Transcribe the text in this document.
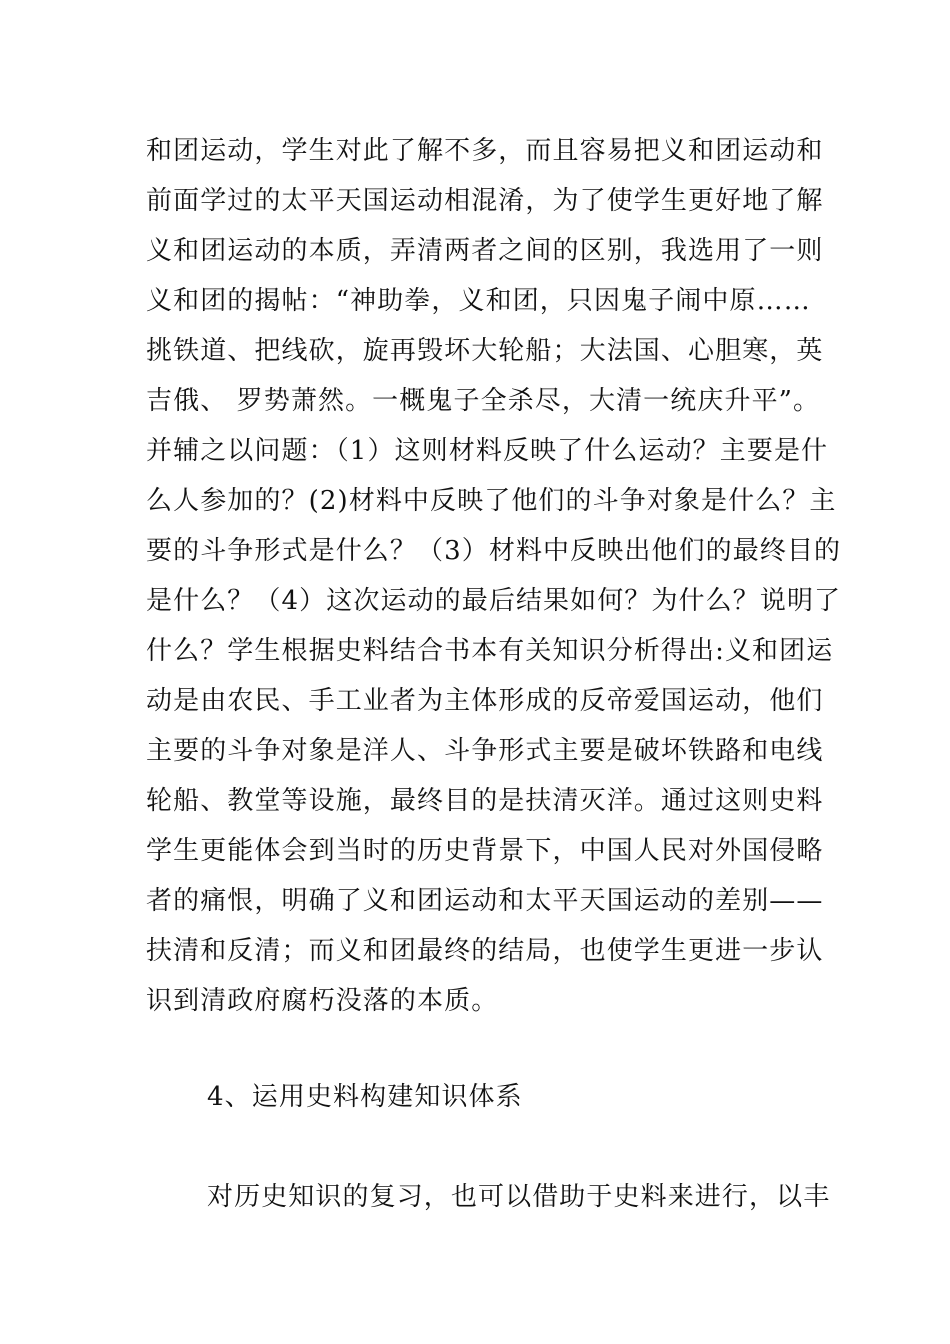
和团运动，学生对此了解不多，而且容易把义和团运动和

前面学过的太平天国运动相混淆，为了使学生更好地了解

义和团运动的本质，弄清两者之间的区别，我选用了一则

义和团的揭帖：“神助拳，义和团，只因鬼子闹中原……

挑铁道、把线砍，旋再毁坏大轮船；大法国、心胆寒，英

吉俄、 罗势萧然。一概鬼子全杀尽，大清一统庆升平”。

并辅之以问题：（1）这则材料反映了什么运动？主要是什

么人参加的？(2)材料中反映了他们的斗争对象是什么？主

要的斗争形式是什么？（3）材料中反映出他们的最终目的

是什么？（4）这次运动的最后结果如何？为什么？说明了

什么？学生根据史料结合书本有关知识分析得出:义和团运

动是由农民、手工业者为主体形成的反帝爱国运动，他们

主要的斗争对象是洋人、斗争形式主要是破坏铁路和电线

轮船、教堂等设施，最终目的是扶清灭洋。通过这则史料

学生更能体会到当时的历史背景下，中国人民对外国侵略

者的痛恨，明确了义和团运动和太平天国运动的差别——

扶清和反清；而义和团最终的结局，也使学生更进一步认

识到清政府腐朽没落的本质。

4、运用史料构建知识体系

对历史知识的复习，也可以借助于史料来进行，以丰
